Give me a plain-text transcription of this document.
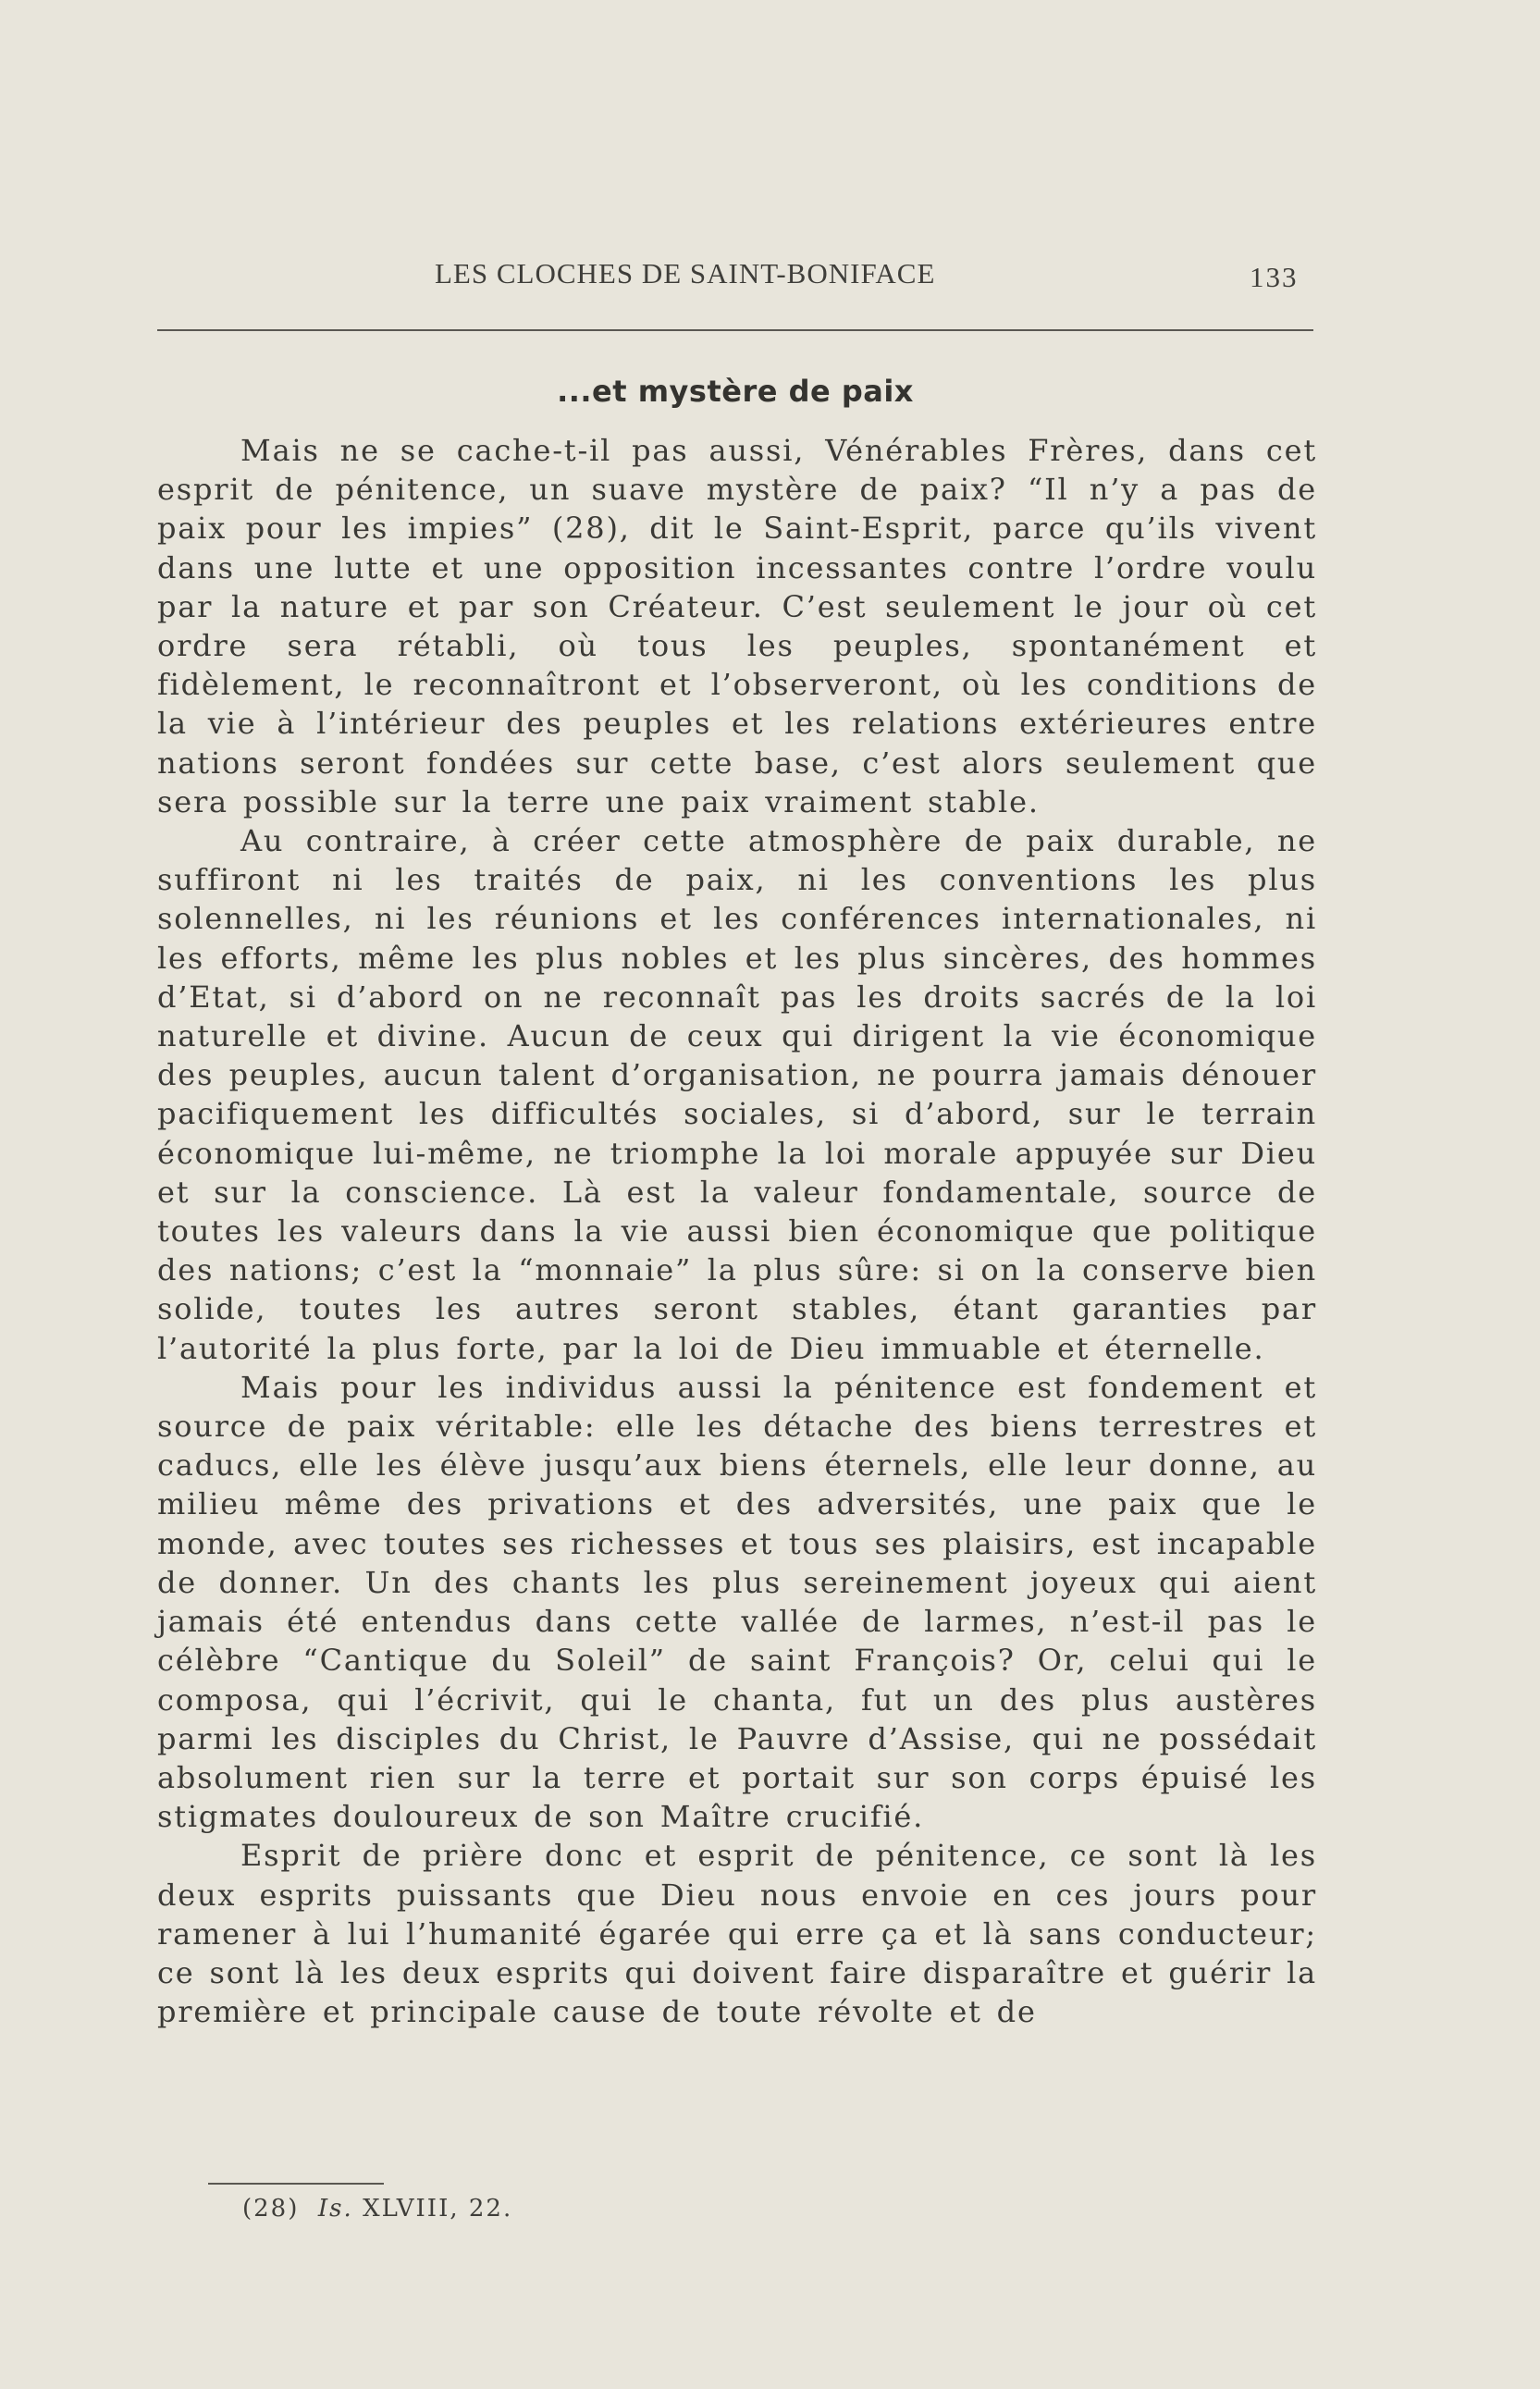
LES CLOCHES DE SAINT-BONIFACE	133
...et mystère de paix

Mais ne se cache-t-il pas aussi, Vénérables Frères, dans cet esprit de pénitence, un suave mystère de paix? “Il n’y a pas de paix pour les impies” (28), dit le Saint-Esprit, parce qu’ils vivent dans une lutte et une opposition incessantes contre l’ordre voulu par la nature et par son Créateur. C’est seulement le jour où cet ordre sera rétabli, où tous les peuples, spontanément et fidèlement, le reconnaîtront et l’observeront, où les conditions de la vie à l’intérieur des peuples et les relations extérieures entre nations seront fondées sur cette base, c’est alors seulement que sera possible sur la terre une paix vraiment stable.

Au contraire, à créer cette atmosphère de paix durable, ne suffiront ni les traités de paix, ni les conventions les plus solennelles, ni les réunions et les conférences internationales, ni les efforts, même les plus nobles et les plus sincères, des hommes d’Etat, si d’abord on ne reconnaît pas les droits sacrés de la loi naturelle et divine. Aucun de ceux qui dirigent la vie économique des peuples, aucun talent d’organisation, ne pourra jamais dénouer pacifiquement les difficultés sociales, si d’abord, sur le terrain économique lui-même, ne triomphe la loi morale appuyée sur Dieu et sur la conscience. Là est la valeur fondamentale, source de toutes les valeurs dans la vie aussi bien économique que politique des nations; c’est la “monnaie” la plus sûre: si on la conserve bien solide, toutes les autres seront stables, étant garanties par l’autorité la plus forte, par la loi de Dieu immuable et éternelle.

Mais pour les individus aussi la pénitence est fondement et source de paix véritable: elle les détache des biens terrestres et caducs, elle les élève jusqu’aux biens éternels, elle leur donne, au milieu même des privations et des adversités, une paix que le monde, avec toutes ses richesses et tous ses plaisirs, est incapable de donner. Un des chants les plus sereinement joyeux qui aient jamais été entendus dans cette vallée de larmes, n’est-il pas le célèbre “Cantique du Soleil” de saint François? Or, celui qui le composa, qui l’écrivit, qui le chanta, fut un des plus austères parmi les disciples du Christ, le Pauvre d’Assise, qui ne possédait absolument rien sur la terre et portait sur son corps épuisé les stigmates douloureux de son Maître crucifié.

Esprit de prière donc et esprit de pénitence, ce sont là les deux esprits puissants que Dieu nous envoie en ces jours pour ramener à lui l’humanité égarée qui erre ça et là sans conducteur; ce sont là les deux esprits qui doivent faire disparaître et guérir la première et principale cause de toute révolte et de

(28) Is. XLVIII, 22.
